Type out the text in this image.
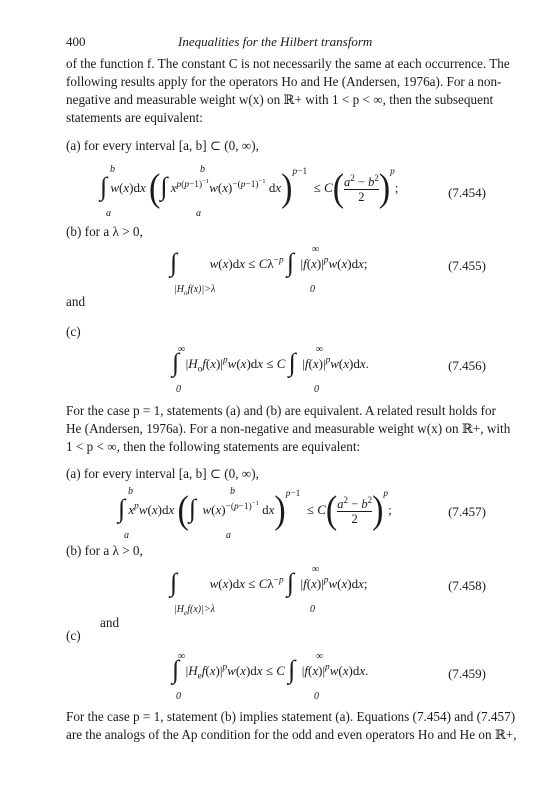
400	Inequalities for the Hilbert transform
of the function f. The constant C is not necessarily the same at each occurrence. The
following results apply for the operators Ho and He (Andersen, 1976a). For a non-
negative and measurable weight w(x) on ℝ+ with 1 < p < ∞, then the subsequent
statements are equivalent:
(a) for every interval [a, b] ⊂ (0, ∞),
∫
b
a
w(x)dx (∫
b
a
$x^{p(p-1)^{-1}}w(x)^{-(p-1)^{-1}}$ $dx)^{p-1} \le C( \frac{a^2 - b^2}{2} )^p$;	(7.454)
(b) for a λ > 0,
∫
$|H_of(x)|>\lambda$
$w(x)dx \le C\lambda^{-p}$ ∫ ∞
0
$|f(x)|^pw(x)dx$;	(7.455)
and
(c)
∫
∞
0
$|H_of(x)|^pw(x)dx \le C$ ∫ ∞
0
$|f(x)|^pw(x)dx$.	(7.456)
For the case p = 1, statements (a) and (b) are equivalent. A related result holds for
He (Andersen, 1976a). For a non-negative and measurable weight w(x) on ℝ+, with
1 < p < ∞, then the following statements are equivalent:
(a) for every interval [a, b] ⊂ (0, ∞),
∫
b
a
$x^pw(x)dx$ (∫
b
a
$w(x)^{-(p-1)^{-1}}$ $dx)^{p-1} \le C( \frac{a^2 - b^2}{2} )^p$;	(7.457)
(b) for a λ > 0,
∫
$|H_ef(x)|>\lambda$
$w(x)dx \le C\lambda^{-p}$ ∫ ∞
0
$|f(x)|^pw(x)dx$;	(7.458)
and
(c)
∫
∞
0
$|H_ef(x)|^pw(x)dx \le C$ ∫ ∞
0
$|f(x)|^pw(x)dx$.	(7.459)
For the case p = 1, statement (b) implies statement (a). Equations (7.454) and (7.457)
are the analogs of the Ap condition for the odd and even operators Ho and He on ℝ+,
